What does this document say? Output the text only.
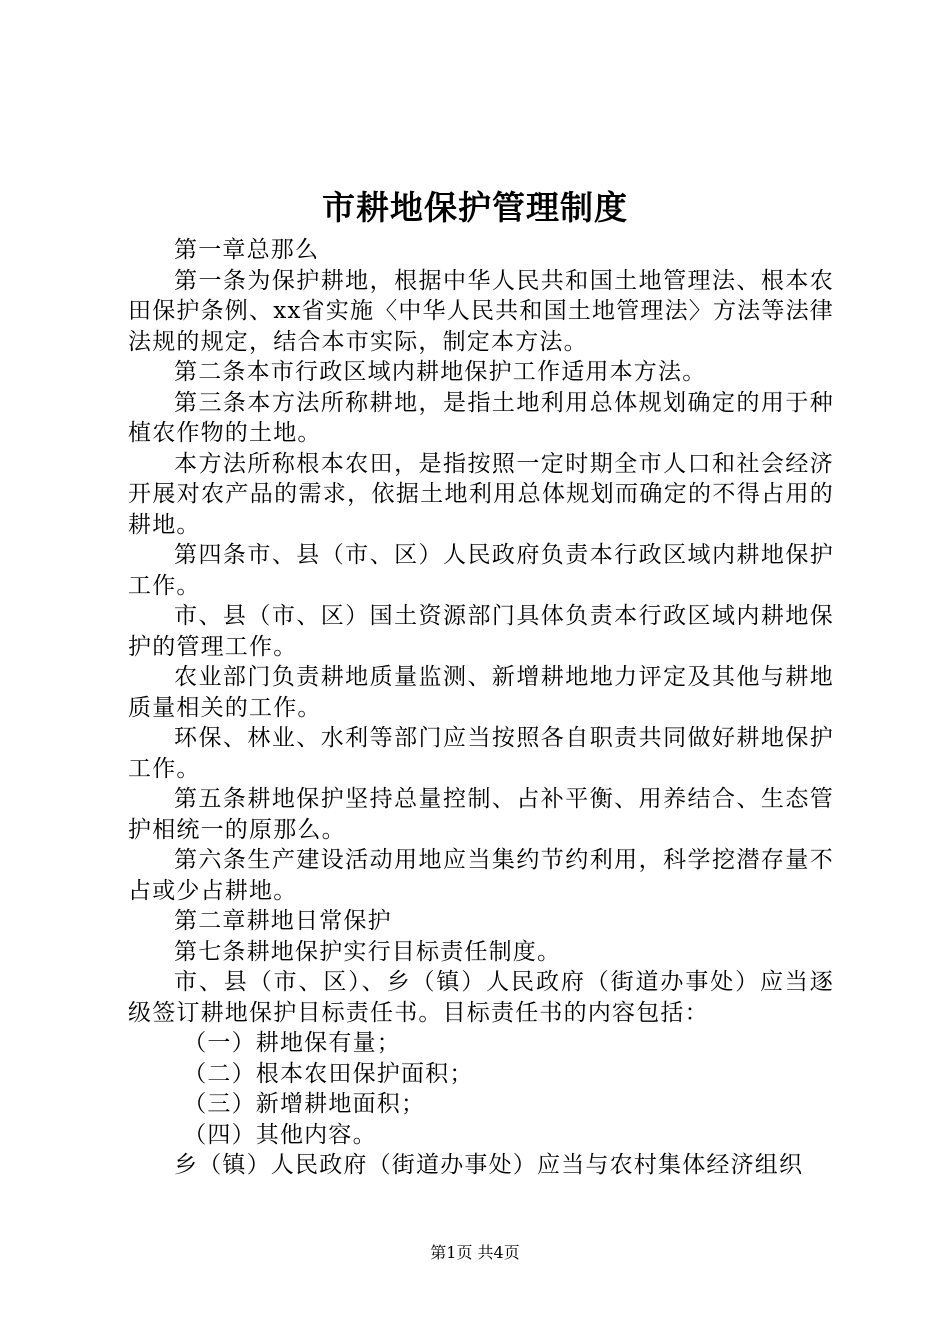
市耕地保护管理制度

第一章总那么

第一条为保护耕地，根据中华人民共和国土地管理法、根本农田保护条例、xx省实施〈中华人民共和国土地管理法〉方法等法律法规的规定，结合本市实际，制定本方法。

第二条本市行政区域内耕地保护工作适用本方法。

第三条本方法所称耕地，是指土地利用总体规划确定的用于种植农作物的土地。

本方法所称根本农田，是指按照一定时期全市人口和社会经济开展对农产品的需求，依据土地利用总体规划而确定的不得占用的耕地。

第四条市、县（市、区）人民政府负责本行政区域内耕地保护工作。

市、县（市、区）国土资源部门具体负责本行政区域内耕地保护的管理工作。

农业部门负责耕地质量监测、新增耕地地力评定及其他与耕地质量相关的工作。

环保、林业、水利等部门应当按照各自职责共同做好耕地保护工作。

第五条耕地保护坚持总量控制、占补平衡、用养结合、生态管护相统一的原那么。

第六条生产建设活动用地应当集约节约利用，科学挖潜存量不占或少占耕地。

第二章耕地日常保护

第七条耕地保护实行目标责任制度。

市、县（市、区）、乡（镇）人民政府（街道办事处）应当逐级签订耕地保护目标责任书。目标责任书的内容包括：

（一）耕地保有量；

（二）根本农田保护面积；

（三）新增耕地面积；

（四）其他内容。

乡（镇）人民政府（街道办事处）应当与农村集体经济组织

第1页 共4页
